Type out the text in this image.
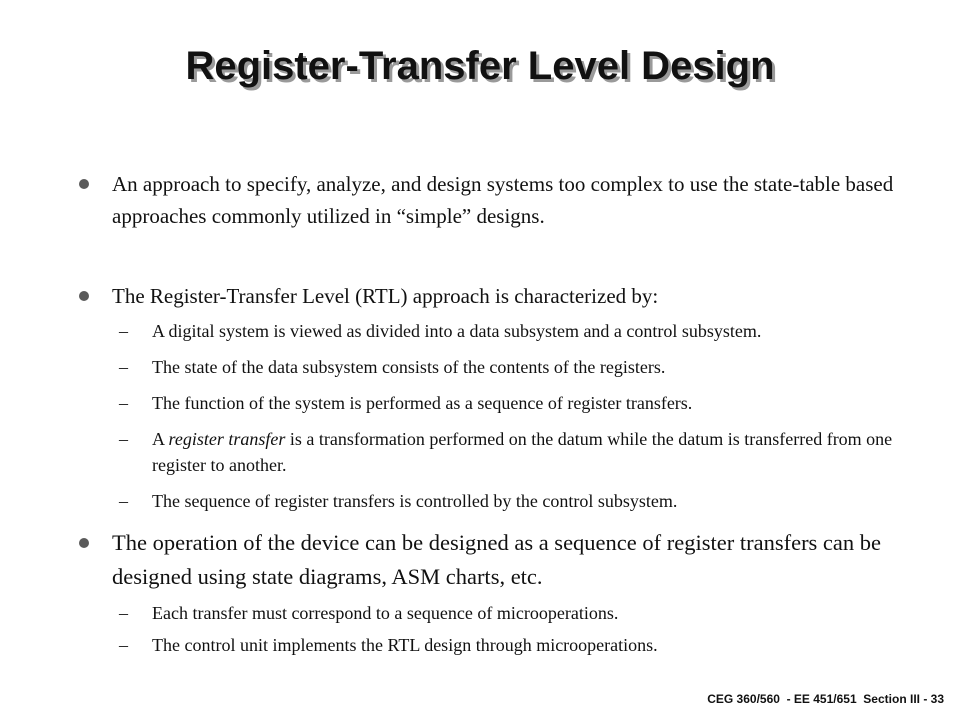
Register-Transfer Level Design
An approach to specify, analyze, and design systems too complex to use the state-table based approaches commonly utilized in “simple” designs.
The Register-Transfer Level (RTL) approach is characterized by:
– A digital system is viewed as divided into a data subsystem and a control subsystem.
– The state of the data subsystem consists of the contents of the registers.
– The function of the system is performed as a sequence of register transfers.
– A register transfer is a transformation performed on the datum while the datum is transferred from one register to another.
– The sequence of register transfers is controlled by the control subsystem.
The operation of the device can be designed as a sequence of register transfers can be designed using state diagrams, ASM charts, etc.
– Each transfer must correspond to a sequence of microoperations.
– The control unit implements the RTL design through microoperations.
CEG 360/560  - EE 451/651  Section III - 33
